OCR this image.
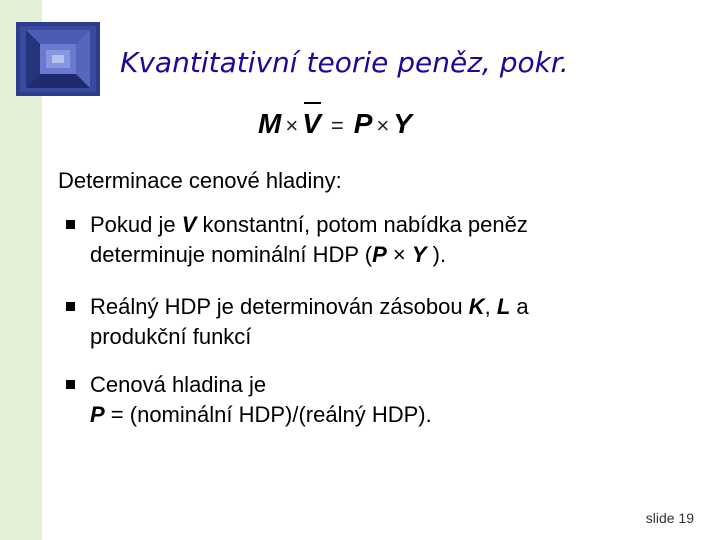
Kvantitativní teorie peněz, pokr.
M × V = P × Y
Determinace cenové hladiny:
Pokud je V konstantní, potom nabídka peněz
determinuje nominální HDP (P × Y ).
Reálný HDP je determinován zásobou K, L a
produkční funkcí
Cenová hladina je
P = (nominální HDP)/(reálný HDP).
slide 19
